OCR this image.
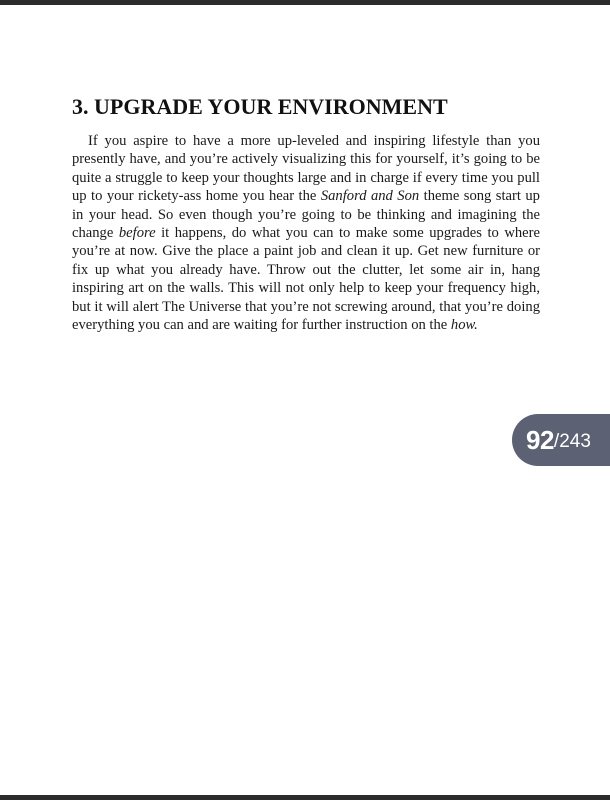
3. UPGRADE YOUR ENVIRONMENT

If you aspire to have a more up-leveled and inspiring lifestyle than you presently have, and you’re actively visualizing this for yourself, it’s going to be quite a struggle to keep your thoughts large and in charge if every time you pull up to your rickety-ass home you hear the Sanford and Son theme song start up in your head. So even though you’re going to be thinking and imagining the change before it happens, do what you can to make some upgrades to where you’re at now. Give the place a paint job and clean it up. Get new furniture or fix up what you already have. Throw out the clutter, let some air in, hang inspiring art on the walls. This will not only help to keep your frequency high, but it will alert The Universe that you’re not screwing around, that you’re doing everything you can and are waiting for further instruction on the how.

92 / 243
